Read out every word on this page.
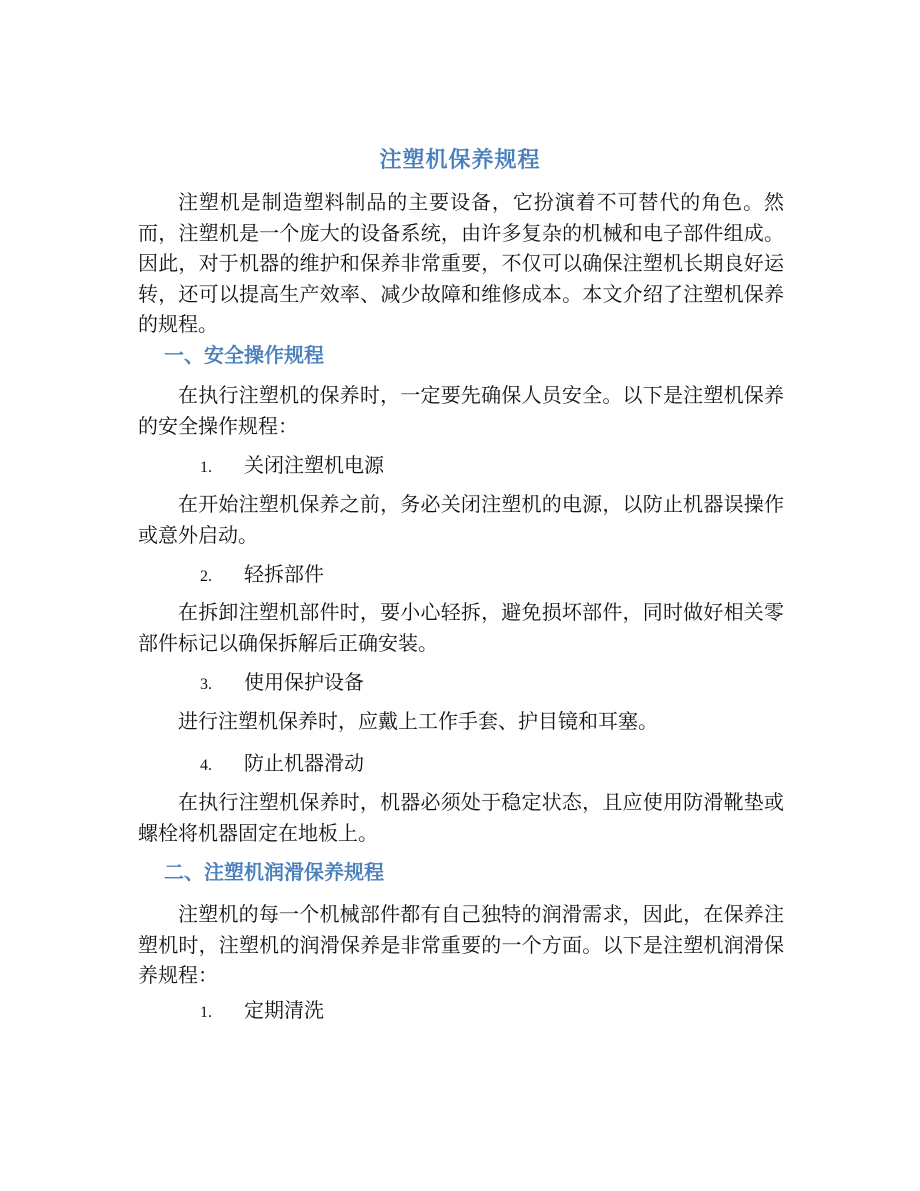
注塑机保养规程
注塑机是制造塑料制品的主要设备，它扮演着不可替代的角色。然而，注塑机是一个庞大的设备系统，由许多复杂的机械和电子部件组成。因此，对于机器的维护和保养非常重要，不仅可以确保注塑机长期良好运转，还可以提高生产效率、减少故障和维修成本。本文介绍了注塑机保养的规程。
一、安全操作规程
在执行注塑机的保养时，一定要先确保人员安全。以下是注塑机保养的安全操作规程：
1. 关闭注塑机电源
在开始注塑机保养之前，务必关闭注塑机的电源，以防止机器误操作或意外启动。
2. 轻拆部件
在拆卸注塑机部件时，要小心轻拆，避免损坏部件，同时做好相关零部件标记以确保拆解后正确安装。
3. 使用保护设备
进行注塑机保养时，应戴上工作手套、护目镜和耳塞。
4. 防止机器滑动
在执行注塑机保养时，机器必须处于稳定状态，且应使用防滑靴垫或螺栓将机器固定在地板上。
二、注塑机润滑保养规程
注塑机的每一个机械部件都有自己独特的润滑需求，因此，在保养注塑机时，注塑机的润滑保养是非常重要的一个方面。以下是注塑机润滑保养规程：
1. 定期清洗
